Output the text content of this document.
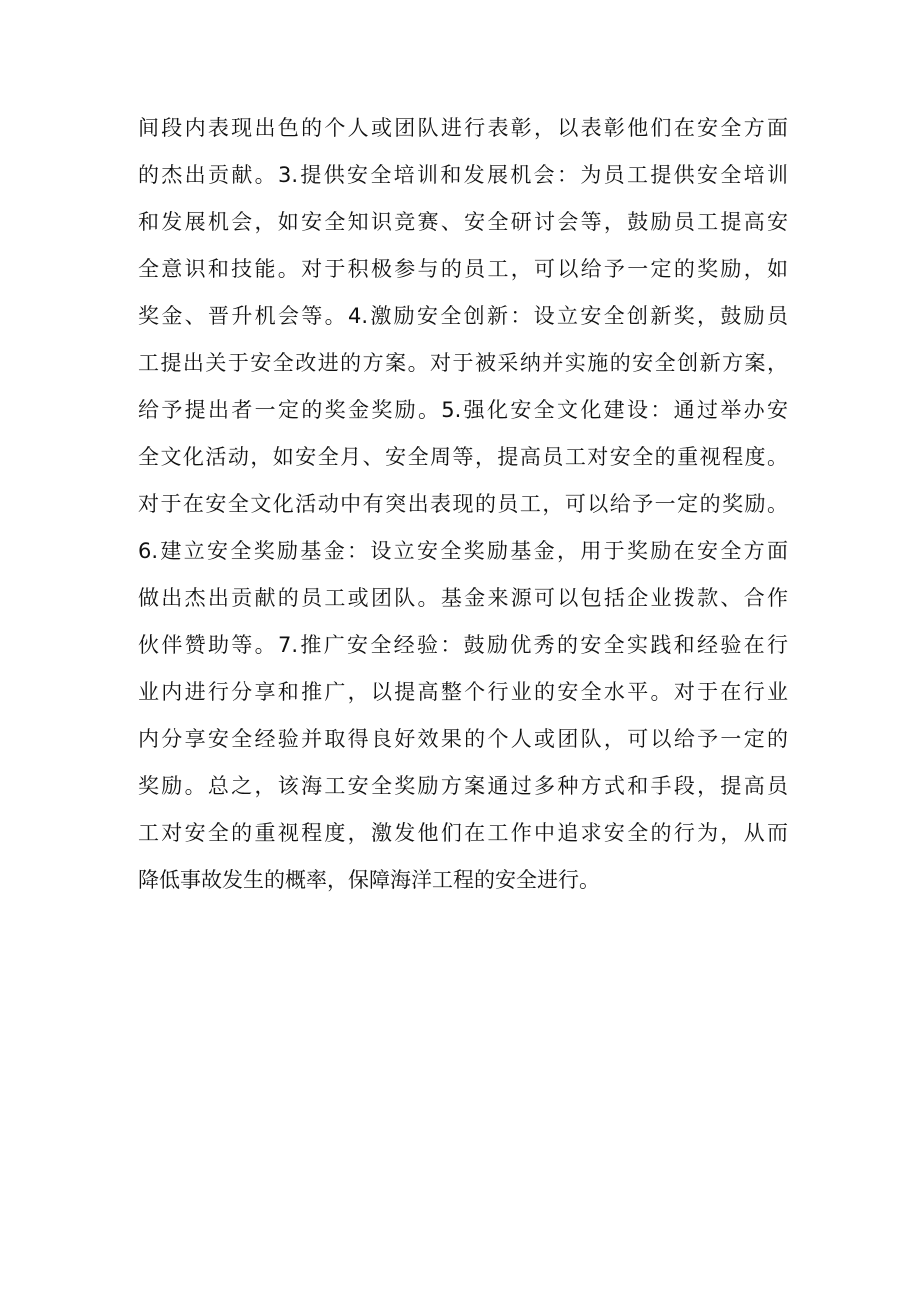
间段内表现出色的个人或团队进行表彰，以表彰他们在安全方面
的杰出贡献。3.提供安全培训和发展机会：为员工提供安全培训
和发展机会，如安全知识竞赛、安全研讨会等，鼓励员工提高安
全意识和技能。对于积极参与的员工，可以给予一定的奖励，如
奖金、晋升机会等。4.激励安全创新：设立安全创新奖，鼓励员
工提出关于安全改进的方案。对于被采纳并实施的安全创新方案，
给予提出者一定的奖金奖励。5.强化安全文化建设：通过举办安
全文化活动，如安全月、安全周等，提高员工对安全的重视程度。
对于在安全文化活动中有突出表现的员工，可以给予一定的奖励。
6.建立安全奖励基金：设立安全奖励基金，用于奖励在安全方面
做出杰出贡献的员工或团队。基金来源可以包括企业拨款、合作
伙伴赞助等。7.推广安全经验：鼓励优秀的安全实践和经验在行
业内进行分享和推广，以提高整个行业的安全水平。对于在行业
内分享安全经验并取得良好效果的个人或团队，可以给予一定的
奖励。总之，该海工安全奖励方案通过多种方式和手段，提高员
工对安全的重视程度，激发他们在工作中追求安全的行为，从而
降低事故发生的概率，保障海洋工程的安全进行。
